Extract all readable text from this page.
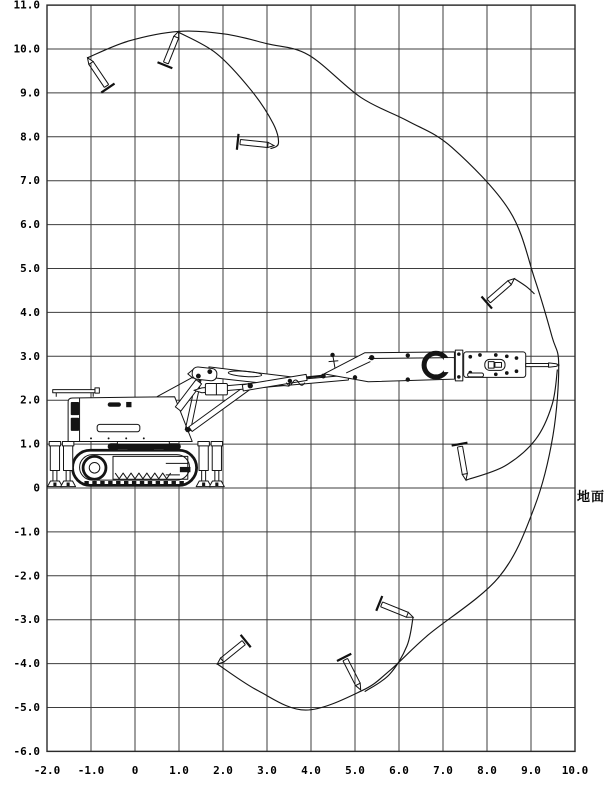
11.0
10.0
9.0
8.0
7.0
6.0
5.0
4.0
3.0
2.0
1.0
0
-1.0
-2.0
-3.0
-4.0
-5.0
-6.0
-2.0 -1.0 0	1.0 2.0 3.0 4.0 5.0 6.0 7.0 8.0 9.0 10.0
地面
